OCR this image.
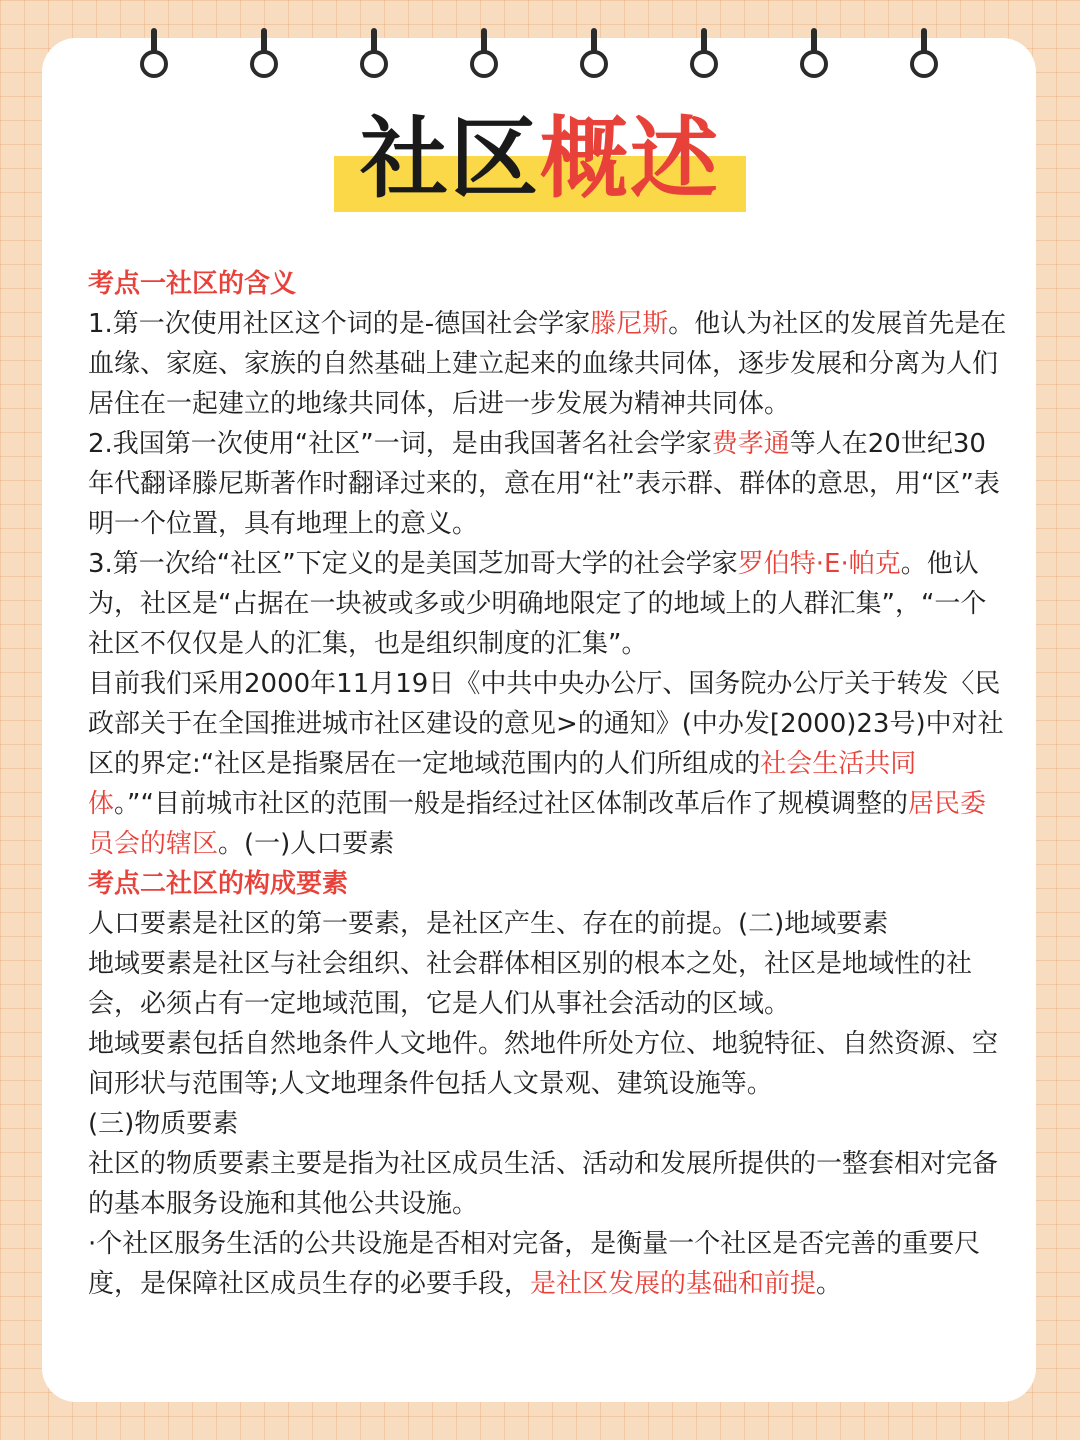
社区概述

考点一社区的含义

1.第一次使用社区这个词的是-德国社会学家滕尼斯。他认为社区的发展首先是在血缘、家庭、家族的自然基础上建立起来的血缘共同体，逐步发展和分离为人们居住在一起建立的地缘共同体，后进一步发展为精神共同体。

2.我国第一次使用“社区”一词，是由我国著名社会学家费孝通等人在20世纪30年代翻译滕尼斯著作时翻译过来的，意在用“社”表示群、群体的意思，用“区”表明一个位置，具有地理上的意义。

3.第一次给“社区”下定义的是美国芝加哥大学的社会学家罗伯特·E·帕克。他认为，社区是“占据在一块被或多或少明确地限定了的地域上的人群汇集”，“一个社区不仅仅是人的汇集，也是组织制度的汇集”。

目前我们采用2000年11月19日《中共中央办公厅、国务院办公厅关于转发〈民政部关于在全国推进城市社区建设的意见>的通知》(中办发[2000)23号)中对社区的界定:“社区是指聚居在一定地域范围内的人们所组成的社会生活共同体。”“目前城市社区的范围一般是指经过社区体制改革后作了规模调整的居民委员会的辖区。(一)人口要素

考点二社区的构成要素

人口要素是社区的第一要素，是社区产生、存在的前提。(二)地域要素

地域要素是社区与社会组织、社会群体相区别的根本之处，社区是地域性的社会，必须占有一定地域范围，它是人们从事社会活动的区域。

地域要素包括自然地条件人文地件。然地件所处方位、地貌特征、自然资源、空间形状与范围等;人文地理条件包括人文景观、建筑设施等。

(三)物质要素

社区的物质要素主要是指为社区成员生活、活动和发展所提供的一整套相对完备的基本服务设施和其他公共设施。

·个社区服务生活的公共设施是否相对完备，是衡量一个社区是否完善的重要尺度，是保障社区成员生存的必要手段，是社区发展的基础和前提。
